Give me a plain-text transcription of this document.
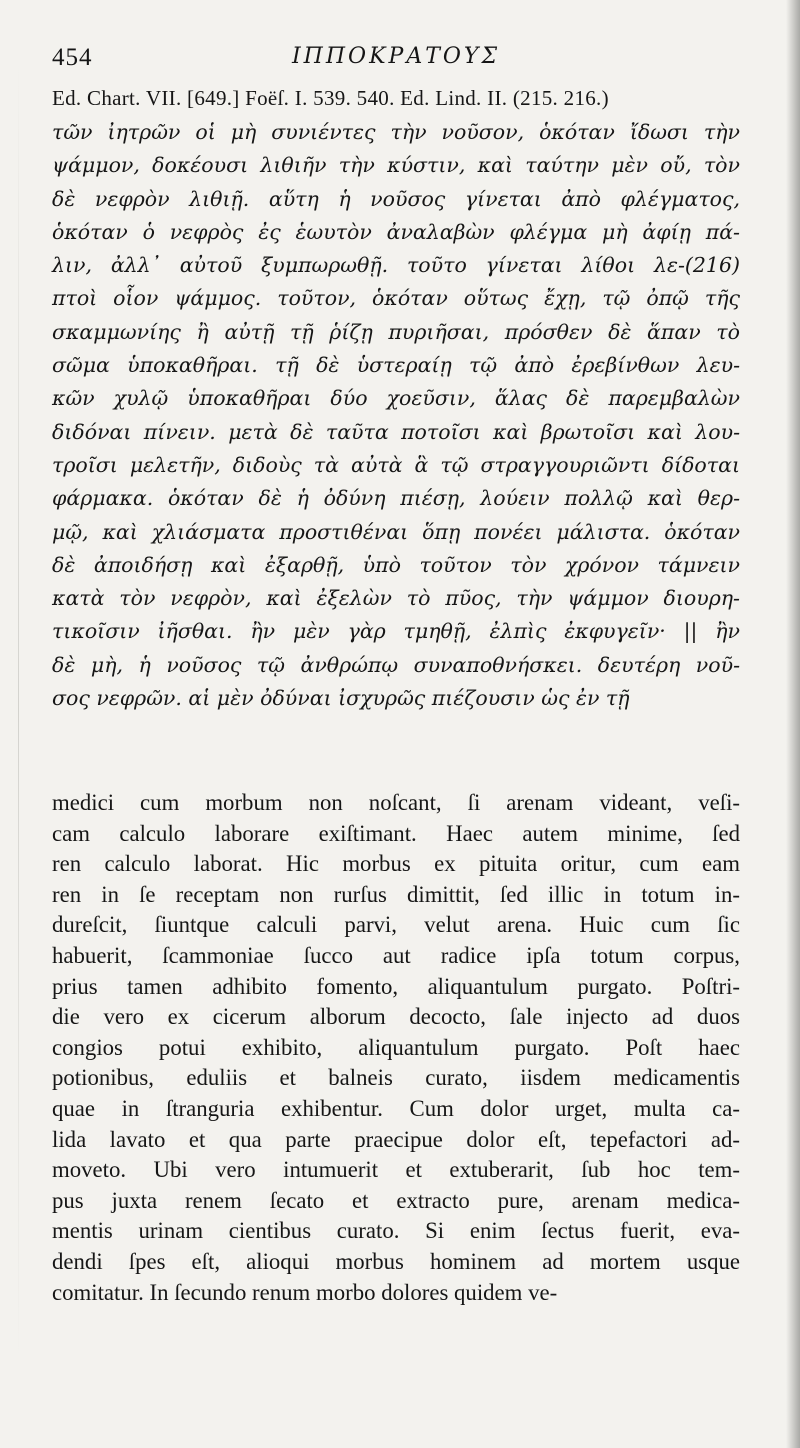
454	ΙΠΠΟΚΡΑΤΟΥΣ
Ed. Chart. VII. [649.] Foëſ. I. 539. 540. Ed. Lind. II. (215. 216.)
τῶν ἰητρῶν οἱ μὴ συνιέντες τὴν νοῦσον, ὁκόταν ἴδωσι τὴν
ψάμμον, δοκέουσι λιθιῆν τὴν κύστιν, καὶ ταύτην μὲν οὔ, τὸν
δὲ νεφρὸν λιθιῇ. αὕτη ἡ νοῦσος γίνεται ἀπὸ φλέγματος,
ὁκόταν ὁ νεφρὸς ἐς ἑωυτὸν ἀναλαβὼν φλέγμα μὴ ἀφίῃ πά-
λιν, ἀλλ᾽ αὐτοῦ ξυμπωρωθῇ. τοῦτο γίνεται λίθοι λε-(216)
πτοὶ οἷον ψάμμος. τοῦτον, ὁκόταν οὕτως ἔχῃ, τῷ ὀπῷ τῆς
σκαμμωνίης ἢ αὐτῇ τῇ ῥίζῃ πυριῆσαι, πρόσθεν δὲ ἅπαν τὸ
σῶμα ὑποκαθῆραι. τῇ δὲ ὑστεραίῃ τῷ ἀπὸ ἐρεβίνθων λευ-
κῶν χυλῷ ὑποκαθῆραι δύο χοεῦσιν, ἅλας δὲ παρεμβαλὼν
διδόναι πίνειν. μετὰ δὲ ταῦτα ποτοῖσι καὶ βρωτοῖσι καὶ λου-
τροῖσι μελετῆν, διδοὺς τὰ αὐτὰ ἃ τῷ στραγγουριῶντι δίδοται
φάρμακα. ὁκόταν δὲ ἡ ὀδύνη πιέσῃ, λούειν πολλῷ καὶ θερ-
μῷ, καὶ χλιάσματα προστιθέναι ὅπῃ πονέει μάλιστα. ὁκόταν
δὲ ἀποιδήσῃ καὶ ἐξαρθῇ, ὑπὸ τοῦτον τὸν χρόνον τάμνειν
κατὰ τὸν νεφρὸν, καὶ ἐξελὼν τὸ πῦος, τὴν ψάμμον διουρη-
τικοῖσιν ἰῆσθαι. ἢν μὲν γὰρ τμηθῇ, ἐλπὶς ἐκφυγεῖν· || ἢν
δὲ μὴ, ἡ νοῦσος τῷ ἀνθρώπῳ συναποθνήσκει. δευτέρη νοῦ-
σος νεφρῶν. αἱ μὲν ὀδύναι ἰσχυρῶς πιέζουσιν ὡς ἐν τῇ
medici cum morbum non noſcant, ſi arenam videant, veſi-
cam calculo laborare exiſtimant. Haec autem minime, ſed
ren calculo laborat. Hic morbus ex pituita oritur, cum eam
ren in ſe receptam non rurſus dimittit, ſed illic in totum in-
dureſcit, ſiuntque calculi parvi, velut arena. Huic cum ſic
habuerit, ſcammoniae ſucco aut radice ipſa totum corpus,
prius tamen adhibito fomento, aliquantulum purgato. Poſtri-
die vero ex cicerum alborum decocto, ſale injecto ad duos
congios potui exhibito, aliquantulum purgato. Poſt haec
potionibus, eduliis et balneis curato, iisdem medicamentis
quae in ſtranguria exhibentur. Cum dolor urget, multa ca-
lida lavato et qua parte praecipue dolor eſt, tepefactori ad-
moveto. Ubi vero intumuerit et extuberarit, ſub hoc tem-
pus juxta renem ſecato et extracto pure, arenam medica-
mentis urinam cientibus curato. Si enim ſectus fuerit, eva-
dendi ſpes eſt, alioqui morbus hominem ad mortem usque
comitatur. In ſecundo renum morbo dolores quidem ve-
